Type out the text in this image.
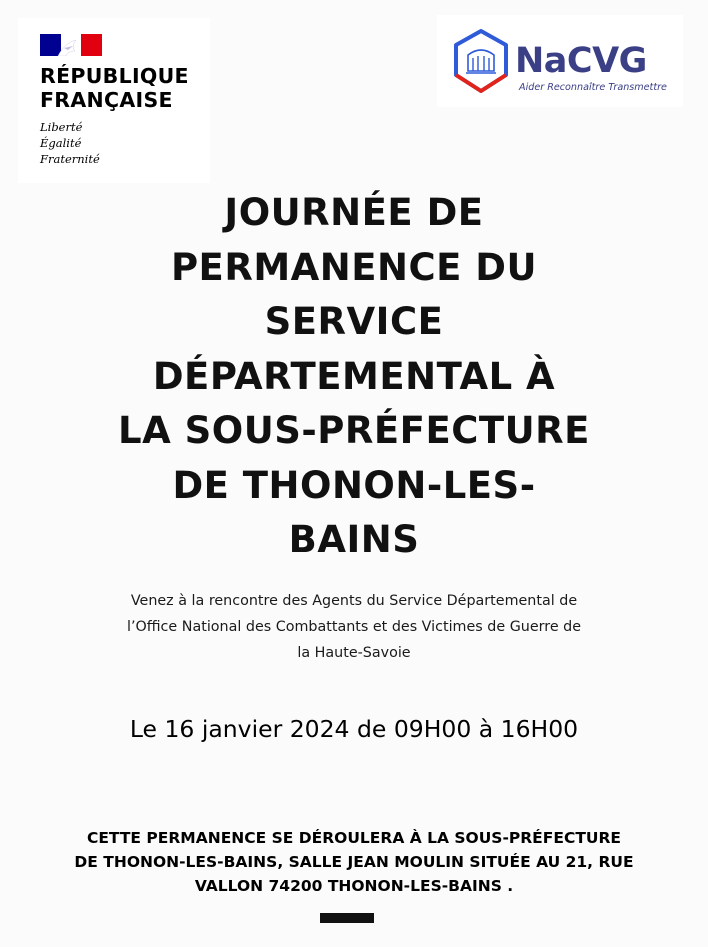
RÉPUBLIQUE
FRANÇAISE
Liberté
Égalité
Fraternité
NaCVG
Aider Reconnaître Transmettre
JOURNÉE DE
PERMANENCE DU
SERVICE
DÉPARTEMENTAL À
LA SOUS-PRÉFECTURE
DE THONON-LES-
BAINS
Venez à la rencontre des Agents du Service Départemental de
l’Office National des Combattants et des Victimes de Guerre de
la Haute-Savoie
Le 16 janvier 2024 de 09H00 à 16H00
CETTE PERMANENCE SE DÉROULERA À LA SOUS-PRÉFECTURE
DE THONON-LES-BAINS, SALLE JEAN MOULIN SITUÉE AU 21, RUE
VALLON 74200 THONON-LES-BAINS .
